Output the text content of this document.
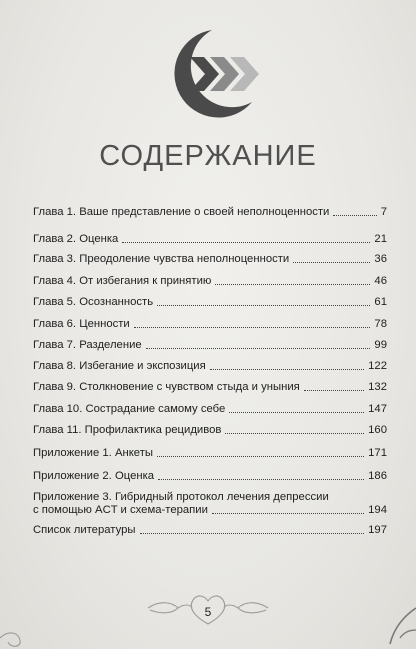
СОДЕРЖАНИЕ
Глава 1. Ваше представление о своей неполноценности	7
Глава 2. Оценка	21
Глава 3. Преодоление чувства неполноценности	36
Глава 4. От избегания к принятию	46
Глава 5. Осознанность	61
Глава 6. Ценности	78
Глава 7. Разделение	99
Глава 8. Избегание и экспозиция	122
Глава 9. Столкновение с чувством стыда и уныния	132
Глава 10. Сострадание самому себе	147
Глава 11. Профилактика рецидивов	160
Приложение 1. Анкеты	171
Приложение 2. Оценка	186
Приложение 3. Гибридный протокол лечения депрессии
с помощью ACT и схема-терапии	194
Список литературы	197
5
